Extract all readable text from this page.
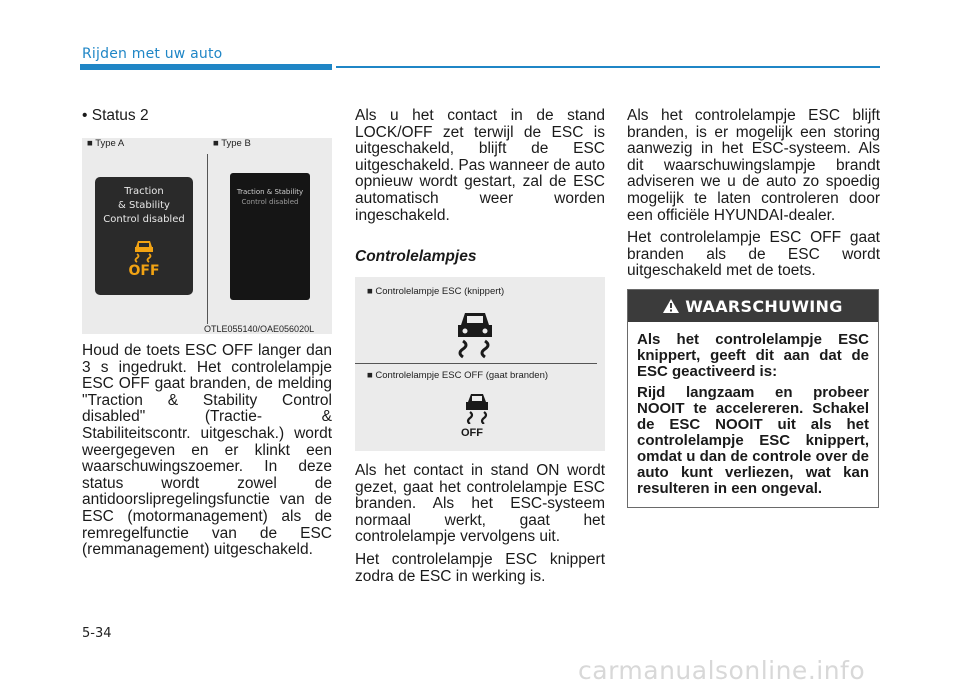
Rijden met uw auto
• Status 2
■ Type A	■ Type B
Traction
& Stability
Control disabled
OFF
Traction & Stability
Control disabled
OTLE055140/OAE056020L

Houd de toets ESC OFF langer dan 3 s ingedrukt. Het controlelampje ESC OFF gaat branden, de melding "Traction & Stability Control disabled" (Tractie- & Stabiliteitscontr. uitgeschak.) wordt weergegeven en er klinkt een waarschuwingszoemer. In deze status wordt zowel de antidoorslipregelingsfunctie van de ESC (motormanagement) als de remregelfunctie van de ESC (remmanagement) uitgeschakeld.

Als u het contact in de stand LOCK/OFF zet terwijl de ESC is uitgeschakeld, blijft de ESC uitgeschakeld. Pas wanneer de auto opnieuw wordt gestart, zal de ESC automatisch weer worden ingeschakeld.

Controlelampjes
■ Controlelampje ESC (knippert)
■ Controlelampje ESC OFF (gaat branden)
OFF

Als het contact in stand ON wordt gezet, gaat het controlelampje ESC branden. Als het ESC-systeem normaal werkt, gaat het controlelampje vervolgens uit.

Het controlelampje ESC knippert zodra de ESC in werking is.

Als het controlelampje ESC blijft branden, is er mogelijk een storing aanwezig in het ESC-systeem. Als dit waarschuwingslampje brandt adviseren we u de auto zo spoedig mogelijk te laten controleren door een officiële HYUNDAI-dealer.

Het controlelampje ESC OFF gaat branden als de ESC wordt uitgeschakeld met de toets.

WAARSCHUWING

Als het controlelampje ESC knippert, geeft dit aan dat de ESC geactiveerd is:

Rijd langzaam en probeer NOOIT te accelereren. Schakel de ESC NOOIT uit als het controlelampje ESC knippert, omdat u dan de controle over de auto kunt verliezen, wat kan resulteren in een ongeval.

5-34
carmanualsonline.info
